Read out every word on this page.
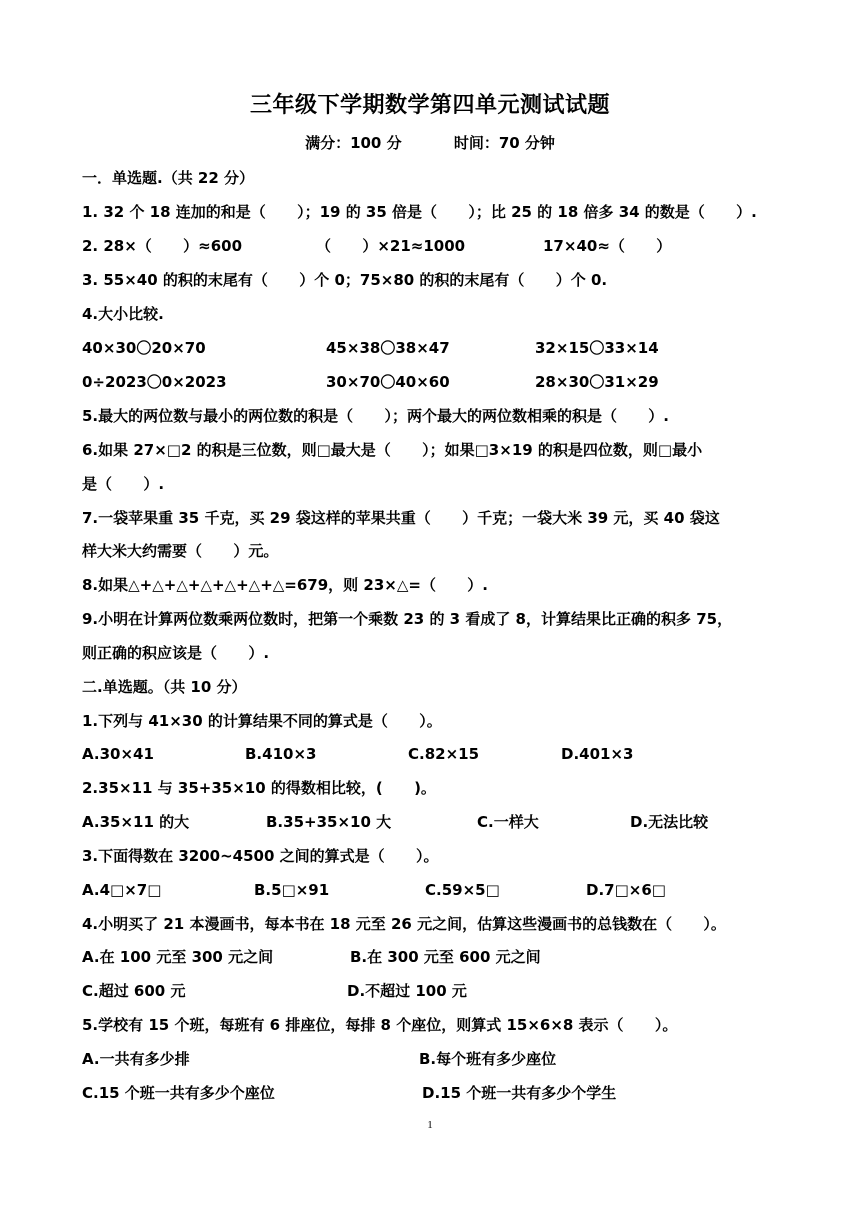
三年级下学期数学第四单元测试试题
满分：100 分          时间：70 分钟
一．单选题.（共 22 分）
1. 32 个 18 连加的和是（      ）；19 的 35 倍是（      ）；比 25 的 18 倍多 34 的数是（      ）.
2. 28×（      ）≈600	（      ）×21≈1000	17×40≈（      ）
3. 55×40 的积的末尾有（      ）个 0；75×80 的积的末尾有（      ）个 0.
4.大小比较.
40×30〇20×70	45×38〇38×47	32×15〇33×14
0÷2023〇0×2023	30×70〇40×60	28×30〇31×29
5.最大的两位数与最小的两位数的积是（      ）；两个最大的两位数相乘的积是（      ）.
6.如果 27×□2 的积是三位数，则□最大是（      ）；如果□3×19 的积是四位数，则□最小
是（      ）.
7.一袋苹果重 35 千克，买 29 袋这样的苹果共重（      ）千克；一袋大米 39 元，买 40 袋这
样大米大约需要（      ）元。
8.如果△+△+△+△+△+△+△=679，则 23×△=（      ）.
9.小明在计算两位数乘两位数时，把第一个乘数 23 的 3 看成了 8，计算结果比正确的积多 75，
则正确的积应该是（      ）.
二.单选题。（共 10 分）
1.下列与 41×30 的计算结果不同的算式是（      ）。
A.30×41	B.410×3	C.82×15	D.401×3
2.35×11 与 35+35×10 的得数相比较，(      )。
A.35×11 的大	B.35+35×10 大	C.一样大	D.无法比较
3.下面得数在 3200~4500 之间的算式是（      ）。
A.4□×7□	B.5□×91	C.59×5□	D.7□×6□
4.小明买了 21 本漫画书，每本书在 18 元至 26 元之间，估算这些漫画书的总钱数在（      ）。
A.在 100 元至 300 元之间	B.在 300 元至 600 元之间
C.超过 600 元	D.不超过 100 元
5.学校有 15 个班，每班有 6 排座位，每排 8 个座位，则算式 15×6×8 表示（      ）。
A.一共有多少排	B.每个班有多少座位
C.15 个班一共有多少个座位	D.15 个班一共有多少个学生
1
